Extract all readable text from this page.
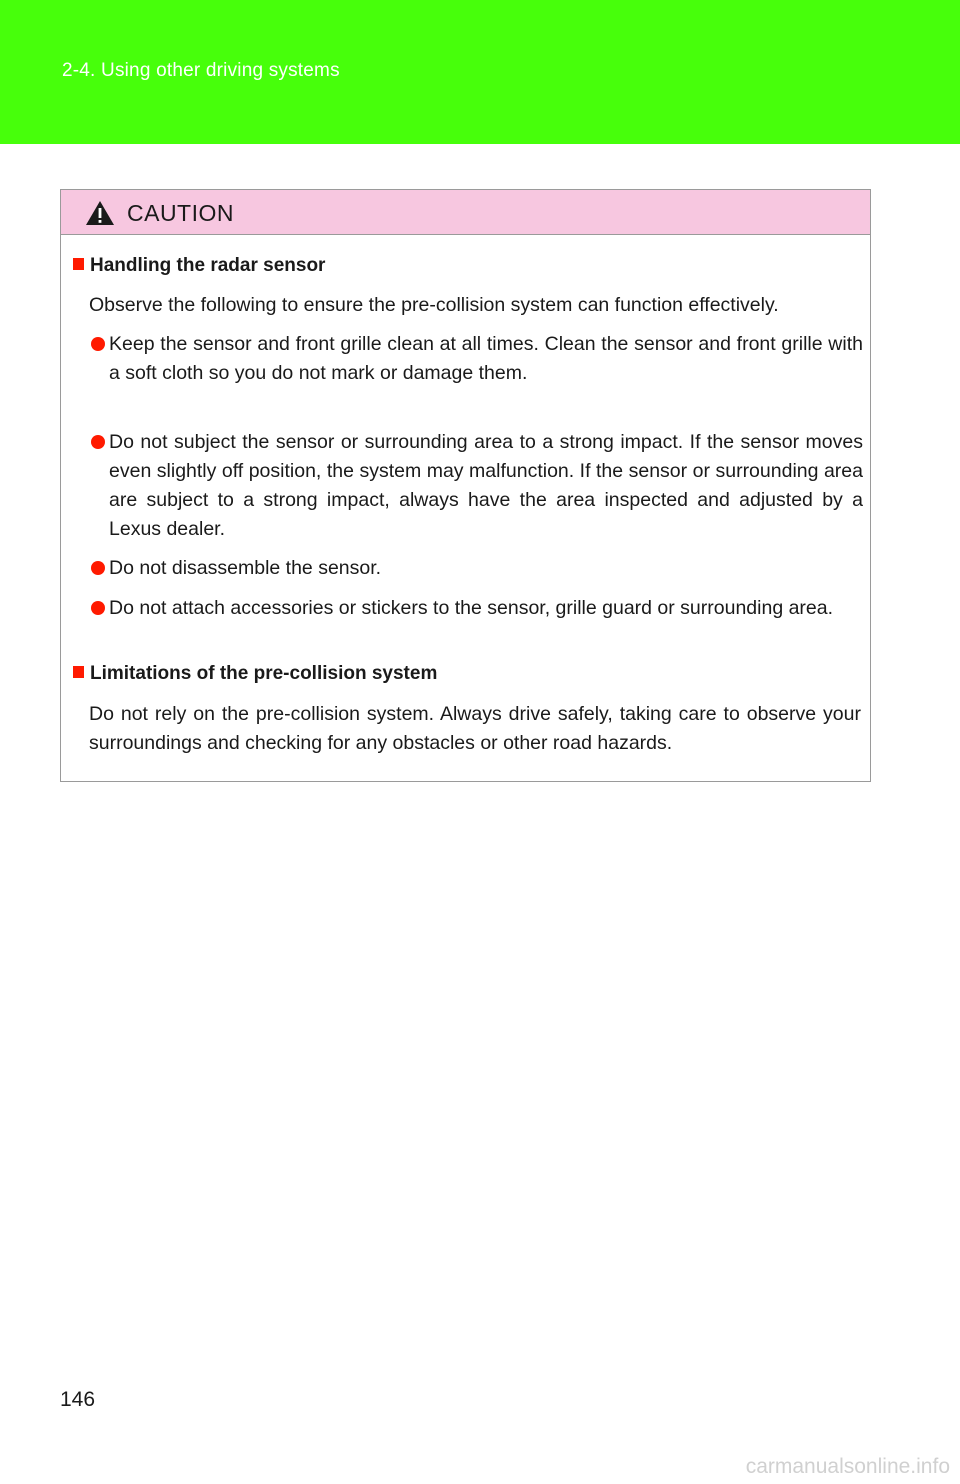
2-4. Using other driving systems
CAUTION
Handling the radar sensor
Observe the following to ensure the pre-collision system can function effectively.
Keep the sensor and front grille clean at all times. Clean the sensor and front grille with a soft cloth so you do not mark or damage them.
Do not subject the sensor or surrounding area to a strong impact. If the sensor moves even slightly off position, the system may malfunction. If the sensor or surrounding area are subject to a strong impact, always have the area inspected and adjusted by a Lexus dealer.
Do not disassemble the sensor.
Do not attach accessories or stickers to the sensor, grille guard or surrounding area.
Limitations of the pre-collision system
Do not rely on the pre-collision system. Always drive safely, taking care to observe your surroundings and checking for any obstacles or other road hazards.
146
carmanualsonline.info
